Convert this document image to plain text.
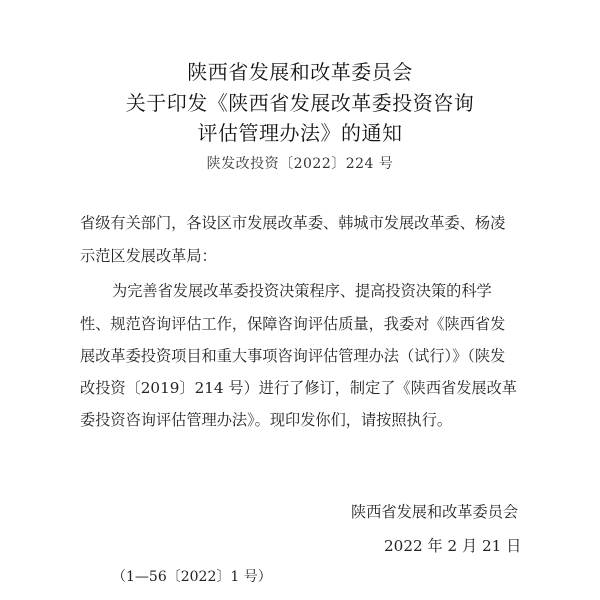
陕西省发展和改革委员会
关于印发《陕西省发展改革委投资咨询
评估管理办法》的通知
陕发改投资〔2022〕224 号
省级有关部门，各设区市发展改革委、韩城市发展改革委、杨凌
示范区发展改革局：
为完善省发展改革委投资决策程序、提高投资决策的科学
性、规范咨询评估工作，保障咨询评估质量，我委对《陕西省发
展改革委投资项目和重大事项咨询评估管理办法（试行）》（陕发
改投资〔2019〕214 号）进行了修订，制定了《陕西省发展改革
委投资咨询评估管理办法》。现印发你们，请按照执行。
陕西省发展和改革委员会
2022 年 2 月 21 日
（1—56〔2022〕1 号）
